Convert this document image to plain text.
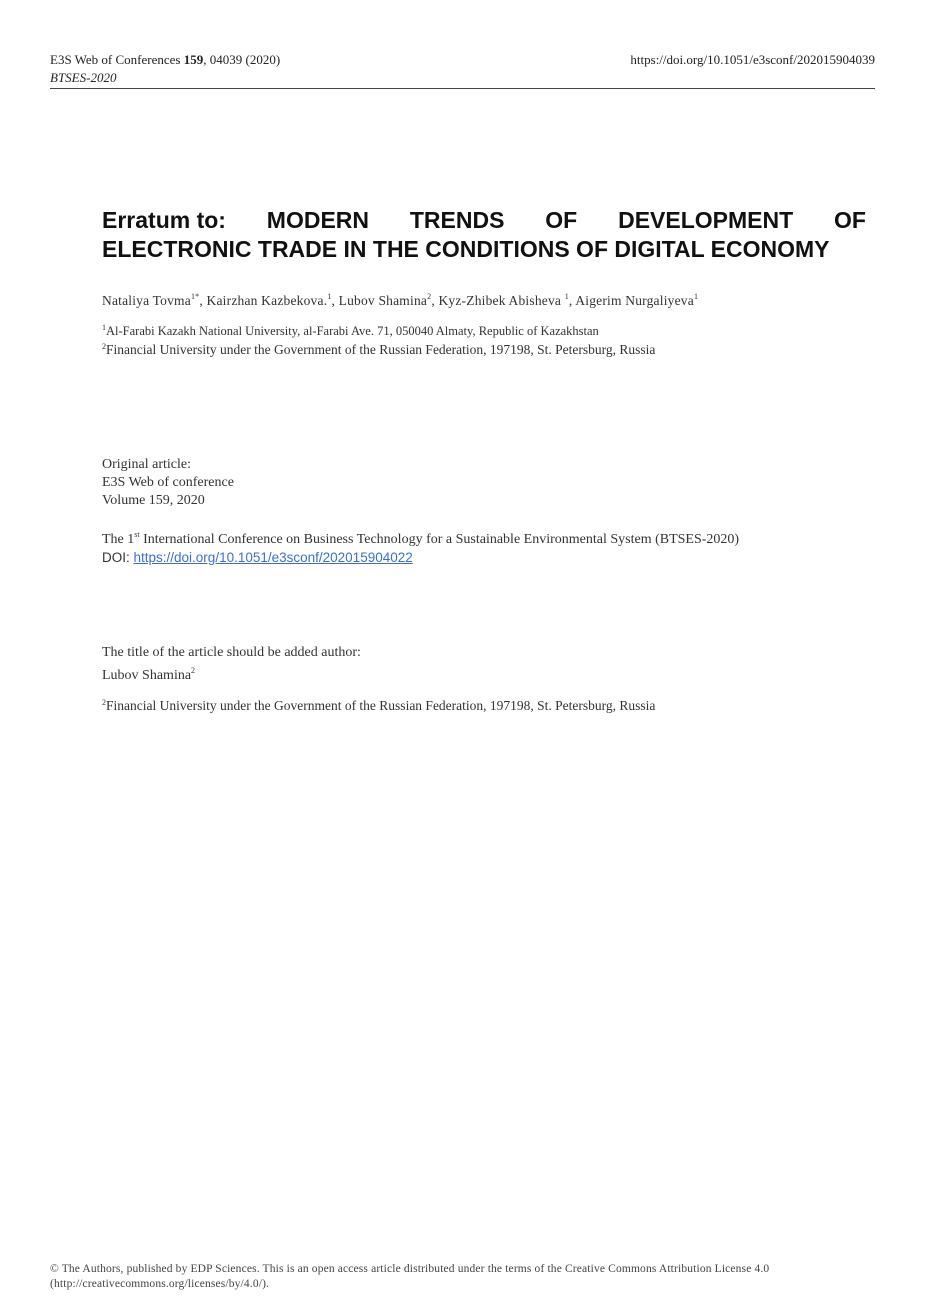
E3S Web of Conferences 159, 04039 (2020)
BTSES-2020
https://doi.org/10.1051/e3sconf/202015904039
Erratum to: MODERN TRENDS OF DEVELOPMENT OF
ELECTRONIC TRADE IN THE CONDITIONS OF DIGITAL ECONOMY
Nataliya Tovma$^{1*}$, Kairzhan Kazbekova.$^1$, Lubov Shamina$^2$, Kyz-Zhibek Abisheva $^1$, Aigerim Nurgaliyeva$^1$
$^1$Al-Farabi Kazakh National University, al-Farabi Ave. 71, 050040 Almaty, Republic of Kazakhstan
$^2$Financial University under the Government of the Russian Federation, 197198, St. Petersburg, Russia
Original article:
E3S Web of conference
Volume 159, 2020
The 1st International Conference on Business Technology for a Sustainable Environmental System (BTSES-2020)
DOI: https://doi.org/10.1051/e3sconf/202015904022
The title of the article should be added author:
Lubov Shamina$^2$
$^2$Financial University under the Government of the Russian Federation, 197198, St. Petersburg, Russia
© The Authors, published by EDP Sciences. This is an open access article distributed under the terms of the Creative Commons Attribution License 4.0
(http://creativecommons.org/licenses/by/4.0/).
